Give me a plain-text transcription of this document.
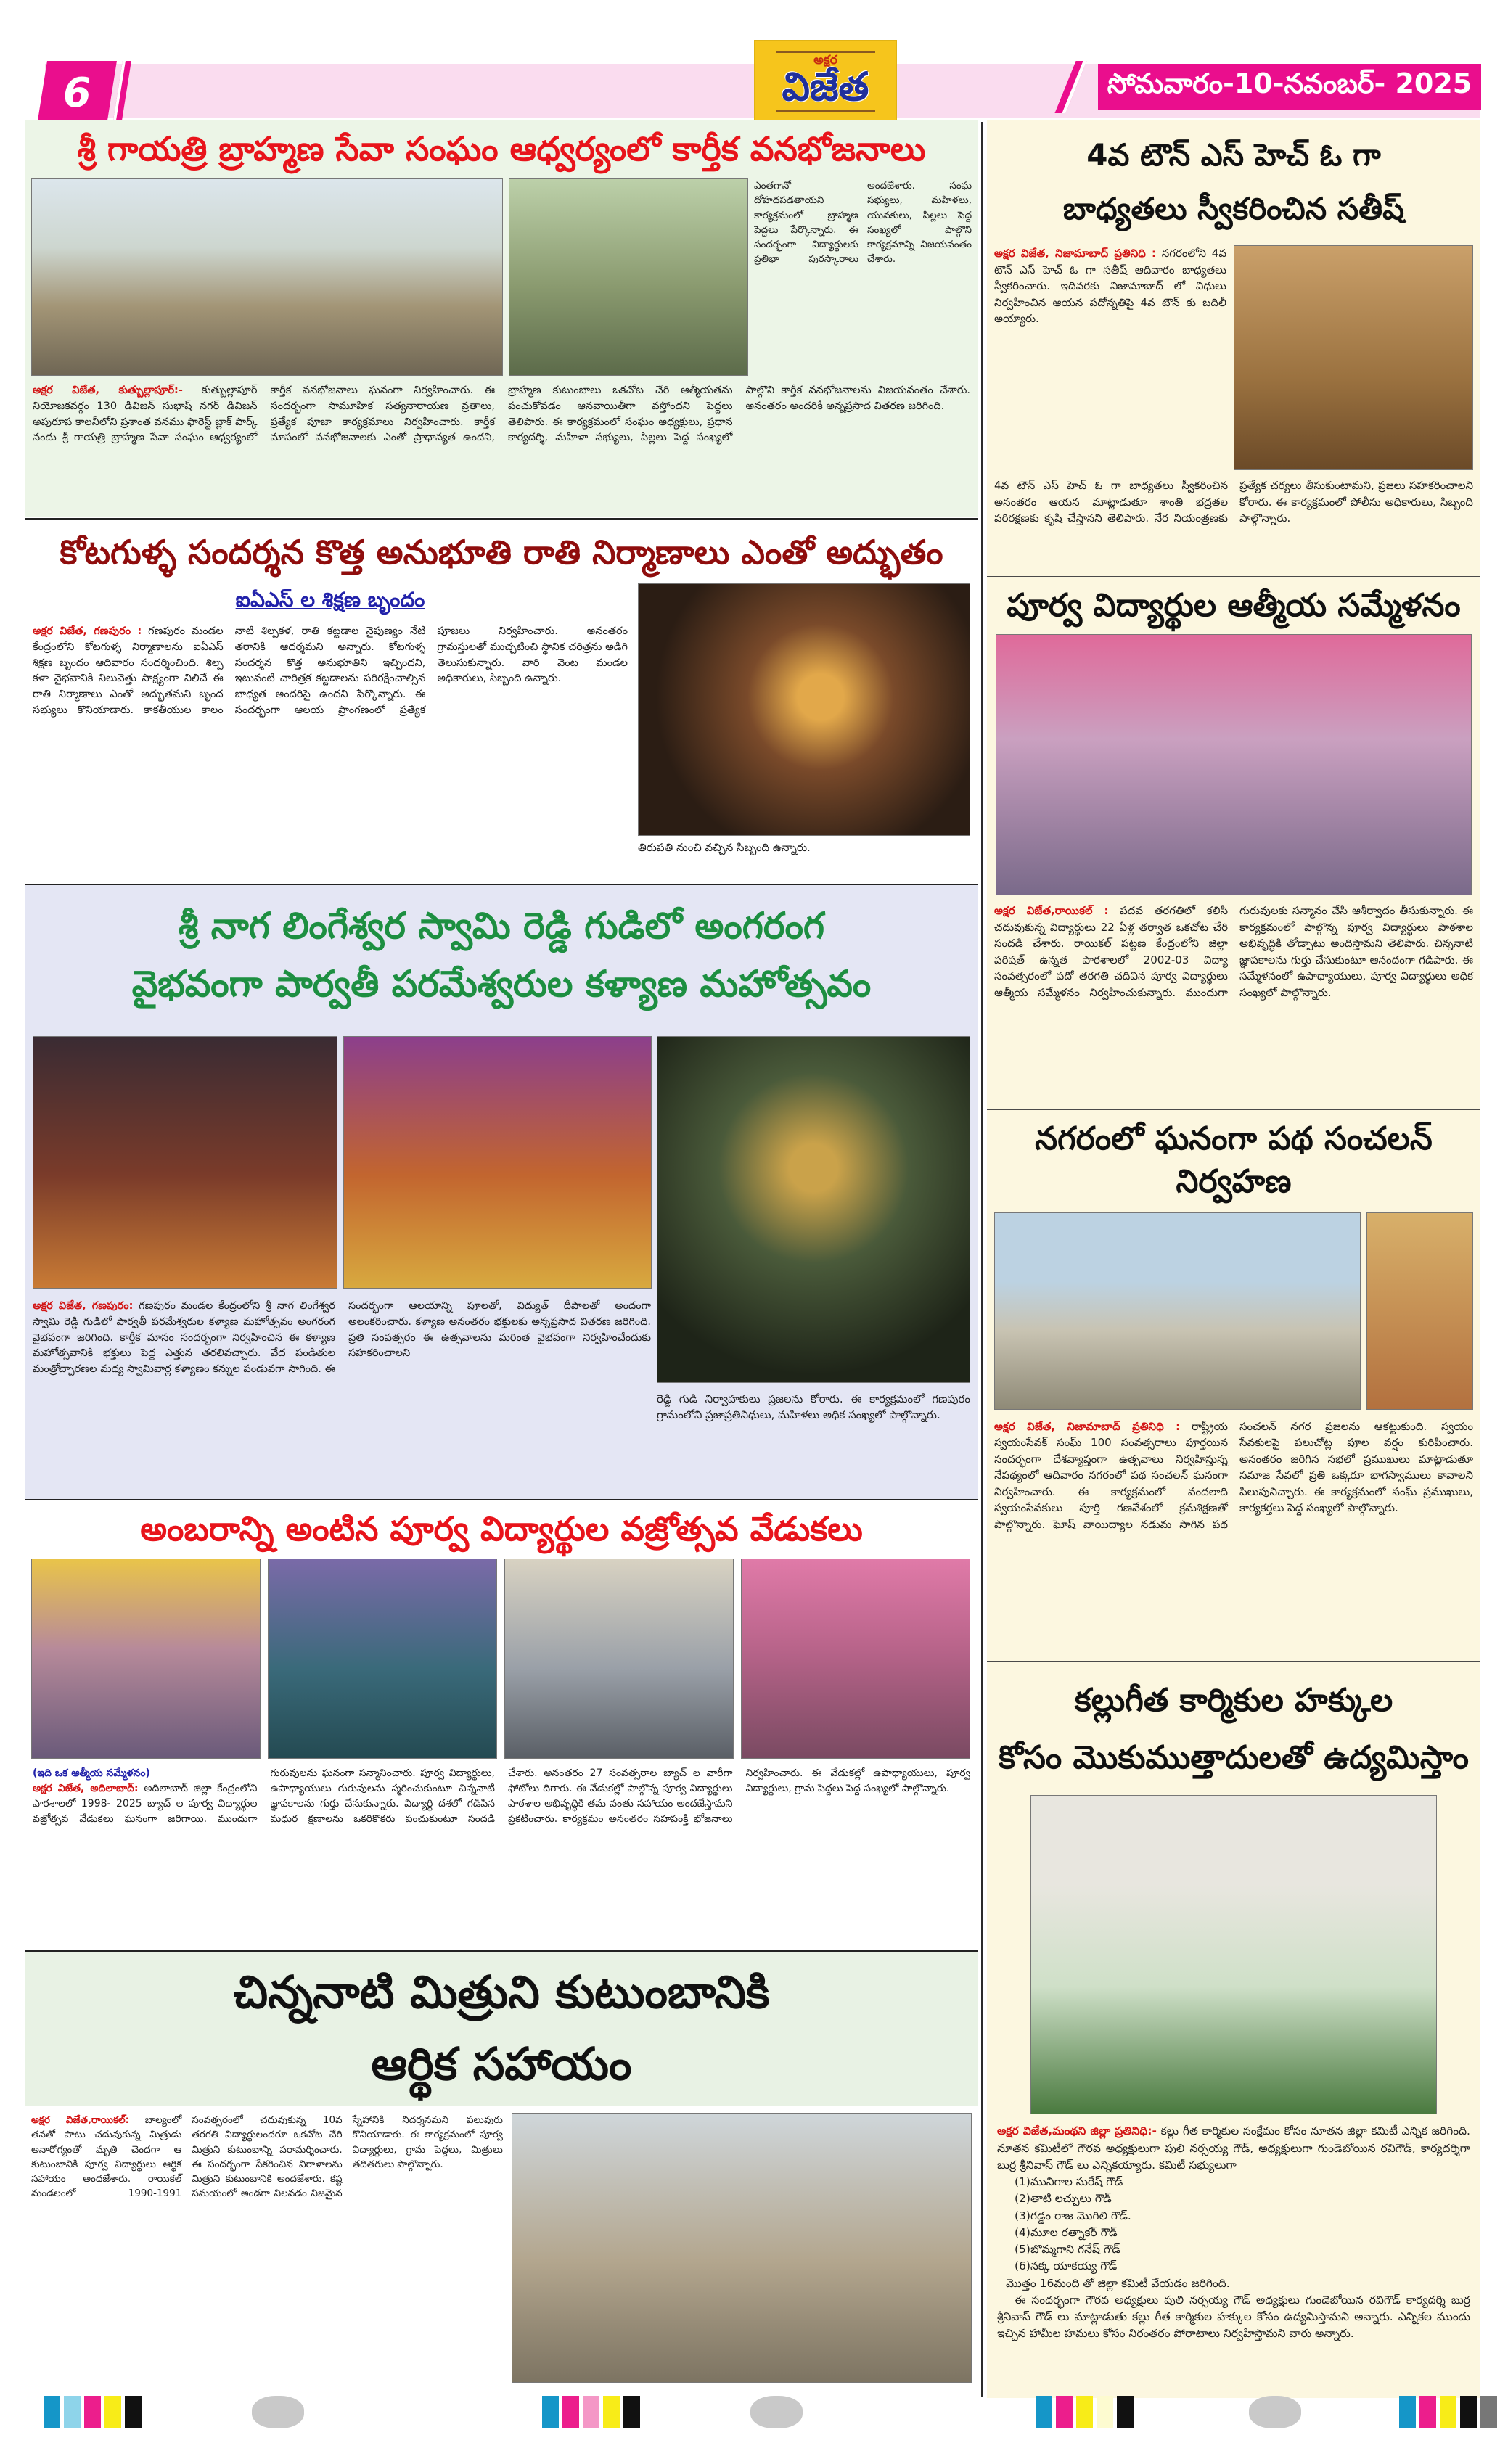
6
అక్షర
విజేత	సోమవారం-10-నవంబర్- 2025
శ్రీ గాయత్రి బ్రాహ్మణ సేవా సంఘం ఆధ్వర్యంలో కార్తీక వనభోజనాలు
ఎంతగానో దోహదపడతాయని కార్యక్రమంలో బ్రాహ్మణ పెద్దలు పేర్కొన్నారు. ఈ సందర్భంగా విద్యార్థులకు ప్రతిభా పురస్కారాలు అందజేశారు. సంఘ సభ్యులు, మహిళలు, యువకులు, పిల్లలు పెద్ద సంఖ్యలో పాల్గొని కార్యక్రమాన్ని విజయవంతం చేశారు.
అక్షర విజేత, కుత్బుల్లాపూర్:- కుత్బుల్లాపూర్ నియోజకవర్గం 130 డివిజన్ సుభాష్ నగర్ డివిజన్ అపురూప కాలనీలోని ప్రశాంత వనము ఫారెస్ట్ బ్లాక్ పార్క్ నందు శ్రీ గాయత్రి బ్రాహ్మణ సేవా సంఘం ఆధ్వర్యంలో కార్తీక వనభోజనాలు ఘనంగా నిర్వహించారు. ఈ సందర్భంగా సామూహిక సత్యనారాయణ వ్రతాలు, ప్రత్యేక పూజా కార్యక్రమాలు నిర్వహించారు. కార్తీక మాసంలో వనభోజనాలకు ఎంతో ప్రాధాన్యత ఉందని, బ్రాహ్మణ కుటుంబాలు ఒకచోట చేరి ఆత్మీయతను పంచుకోవడం ఆనవాయితీగా వస్తోందని పెద్దలు తెలిపారు. ఈ కార్యక్రమంలో సంఘం అధ్యక్షులు, ప్రధాన కార్యదర్శి, మహిళా సభ్యులు, పిల్లలు పెద్ద సంఖ్యలో పాల్గొని కార్తీక వనభోజనాలను విజయవంతం చేశారు. అనంతరం అందరికీ అన్నప్రసాద వితరణ జరిగింది.
కోటగుళ్ళ సందర్శన కొత్త అనుభూతి రాతి నిర్మాణాలు ఎంతో అద్భుతం
ఐఏఎస్ ల శిక్షణ బృందం
అక్షర విజేత, గణపురం : గణపురం మండల కేంద్రంలోని కోటగుళ్ళ నిర్మాణాలను ఐఏఎస్ శిక్షణ బృందం ఆదివారం సందర్శించింది. శిల్ప కళా వైభవానికి నిలువెత్తు సాక్ష్యంగా నిలిచే ఈ రాతి నిర్మాణాలు ఎంతో అద్భుతమని బృంద సభ్యులు కొనియాడారు. కాకతీయుల కాలం నాటి శిల్పకళ, రాతి కట్టడాల నైపుణ్యం నేటి తరానికి ఆదర్శమని అన్నారు. కోటగుళ్ళ సందర్శన కొత్త అనుభూతిని ఇచ్చిందని, ఇటువంటి చారిత్రక కట్టడాలను పరిరక్షించాల్సిన బాధ్యత అందరిపై ఉందని పేర్కొన్నారు. ఈ సందర్భంగా ఆలయ ప్రాంగణంలో ప్రత్యేక పూజలు నిర్వహించారు. అనంతరం గ్రామస్తులతో ముచ్చటించి స్థానిక చరిత్రను అడిగి తెలుసుకున్నారు. వారి వెంట మండల అధికారులు, సిబ్బంది ఉన్నారు.
తిరుపతి నుంచి వచ్చిన సిబ్బంది ఉన్నారు.
శ్రీ నాగ లింగేశ్వర స్వామి రెడ్డి గుడిలో అంగరంగ
వైభవంగా పార్వతీ పరమేశ్వరుల కళ్యాణ మహోత్సవం
అక్షర విజేత, గణపురం: గణపురం మండల కేంద్రంలోని శ్రీ నాగ లింగేశ్వర స్వామి రెడ్డి గుడిలో పార్వతీ పరమేశ్వరుల కళ్యాణ మహోత్సవం అంగరంగ వైభవంగా జరిగింది. కార్తీక మాసం సందర్భంగా నిర్వహించిన ఈ కళ్యాణ మహోత్సవానికి భక్తులు పెద్ద ఎత్తున తరలివచ్చారు. వేద పండితుల మంత్రోచ్చారణల మధ్య స్వామివార్ల కళ్యాణం కన్నుల పండువగా సాగింది. ఈ సందర్భంగా ఆలయాన్ని పూలతో, విద్యుత్ దీపాలతో అందంగా అలంకరించారు. కళ్యాణ అనంతరం భక్తులకు అన్నప్రసాద వితరణ జరిగింది. ప్రతి సంవత్సరం ఈ ఉత్సవాలను మరింత వైభవంగా నిర్వహించేందుకు సహకరించాలని
రెడ్డి గుడి నిర్వాహకులు ప్రజలను కోరారు. ఈ కార్యక్రమంలో గణపురం గ్రామంలోని ప్రజాప్రతినిధులు, మహిళలు అధిక సంఖ్యలో పాల్గొన్నారు.
అంబరాన్ని అంటిన పూర్వ విద్యార్థుల వజ్రోత్సవ వేడుకలు
(ఇది ఒక ఆత్మీయ సమ్మేళనం)
అక్షర విజేత, అదిలాబాద్: అదిలాబాద్ జిల్లా కేంద్రంలోని పాఠశాలలో 1998- 2025 బ్యాచ్ ల పూర్వ విద్యార్థుల వజ్రోత్సవ వేడుకలు ఘనంగా జరిగాయి. ముందుగా గురువులను ఘనంగా సన్మానించారు. పూర్వ విద్యార్థులు, ఉపాధ్యాయులు గురువులను స్మరించుకుంటూ చిన్ననాటి జ్ఞాపకాలను గుర్తు చేసుకున్నారు. విద్యార్థి దశలో గడిపిన మధుర క్షణాలను ఒకరికొకరు పంచుకుంటూ సందడి చేశారు. అనంతరం 27 సంవత్సరాల బ్యాచ్ ల వారీగా ఫోటోలు దిగారు. ఈ వేడుకల్లో పాల్గొన్న పూర్వ విద్యార్థులు పాఠశాల అభివృద్ధికి తమ వంతు సహాయం అందజేస్తామని ప్రకటించారు. కార్యక్రమం అనంతరం సహపంక్తి భోజనాలు నిర్వహించారు. ఈ వేడుకల్లో ఉపాధ్యాయులు, పూర్వ విద్యార్థులు, గ్రామ పెద్దలు పెద్ద సంఖ్యలో పాల్గొన్నారు.
చిన్ననాటి మిత్రుని కుటుంబానికి
ఆర్థిక సహాయం
అక్షర విజేత,రాయికల్: బాల్యంలో తనతో పాటు చదువుకున్న మిత్రుడు అనారోగ్యంతో మృతి చెందగా ఆ కుటుంబానికి పూర్వ విద్యార్థులు ఆర్థిక సహాయం అందజేశారు. రాయికల్ మండలంలో 1990-1991 సంవత్సరంలో చదువుకున్న 10వ తరగతి విద్యార్థులందరూ ఒకచోట చేరి మిత్రుని కుటుంబాన్ని పరామర్శించారు. ఈ సందర్భంగా సేకరించిన విరాళాలను మిత్రుని కుటుంబానికి అందజేశారు. కష్ట సమయంలో అండగా నిలవడం నిజమైన స్నేహానికి నిదర్శనమని పలువురు కొనియాడారు. ఈ కార్యక్రమంలో పూర్వ విద్యార్థులు, గ్రామ పెద్దలు, మిత్రులు తదితరులు పాల్గొన్నారు.
4వ టౌన్ ఎస్ హెచ్ ఓ గా
బాధ్యతలు స్వీకరించిన సతీష్
అక్షర విజేత, నిజామాబాద్ ప్రతినిధి : నగరంలోని 4వ టౌన్ ఎస్ హెచ్ ఓ గా సతీష్ ఆదివారం బాధ్యతలు స్వీకరించారు. ఇదివరకు నిజామాబాద్ లో విధులు నిర్వహించిన ఆయన పదోన్నతిపై 4వ టౌన్ కు బదిలీ అయ్యారు.
4వ టౌన్ ఎస్ హెచ్ ఓ గా బాధ్యతలు స్వీకరించిన అనంతరం ఆయన మాట్లాడుతూ శాంతి భద్రతల పరిరక్షణకు కృషి చేస్తానని తెలిపారు. నేర నియంత్రణకు ప్రత్యేక చర్యలు తీసుకుంటామని, ప్రజలు సహకరించాలని కోరారు. ఈ కార్యక్రమంలో పోలీసు అధికారులు, సిబ్బంది పాల్గొన్నారు.
పూర్వ విద్యార్థుల ఆత్మీయ సమ్మేళనం
అక్షర విజేత,రాయికల్ : పదవ తరగతిలో కలిసి చదువుకున్న విద్యార్థులు 22 ఏళ్ల తర్వాత ఒకచోట చేరి సందడి చేశారు. రాయికల్ పట్టణ కేంద్రంలోని జిల్లా పరిషత్ ఉన్నత పాఠశాలలో 2002-03 విద్యా సంవత్సరంలో పదో తరగతి చదివిన పూర్వ విద్యార్థులు ఆత్మీయ సమ్మేళనం నిర్వహించుకున్నారు. ముందుగా గురువులకు సన్మానం చేసి ఆశీర్వాదం తీసుకున్నారు. ఈ కార్యక్రమంలో పాల్గొన్న పూర్వ విద్యార్థులు పాఠశాల అభివృద్ధికి తోడ్పాటు అందిస్తామని తెలిపారు. చిన్ననాటి జ్ఞాపకాలను గుర్తు చేసుకుంటూ ఆనందంగా గడిపారు. ఈ సమ్మేళనంలో ఉపాధ్యాయులు, పూర్వ విద్యార్థులు అధిక సంఖ్యలో పాల్గొన్నారు.
నగరంలో ఘనంగా పథ సంచలన్ నిర్వహణ
అక్షర విజేత, నిజామాబాద్ ప్రతినిధి : రాష్ట్రీయ స్వయంసేవక్ సంఘ్ 100 సంవత్సరాలు పూర్తయిన సందర్భంగా దేశవ్యాప్తంగా ఉత్సవాలు నిర్వహిస్తున్న నేపథ్యంలో ఆదివారం నగరంలో పథ సంచలన్ ఘనంగా నిర్వహించారు. ఈ కార్యక్రమంలో వందలాది స్వయంసేవకులు పూర్తి గణవేశంలో క్రమశిక్షణతో పాల్గొన్నారు. ఘోష్ వాయిద్యాల నడుమ సాగిన పథ సంచలన్ నగర ప్రజలను ఆకట్టుకుంది. స్వయం సేవకులపై పలుచోట్ల పూల వర్షం కురిపించారు. అనంతరం జరిగిన సభలో ప్రముఖులు మాట్లాడుతూ సమాజ సేవలో ప్రతి ఒక్కరూ భాగస్వాములు కావాలని పిలుపునిచ్చారు. ఈ కార్యక్రమంలో సంఘ్ ప్రముఖులు, కార్యకర్తలు పెద్ద సంఖ్యలో పాల్గొన్నారు.
కల్లుగీత కార్మికుల హక్కుల
కోసం మొకుముత్తాదులతో ఉద్యమిస్తాం
అక్షర విజేత,మంథని జిల్లా ప్రతినిధి:- కల్లు గీత కార్మికుల సంక్షేమం కోసం నూతన జిల్లా కమిటీ ఎన్నిక జరిగింది. నూతన కమిటీలో గౌరవ అధ్యక్షులుగా పులి నర్సయ్య గౌడ్, అధ్యక్షులుగా గుండెబోయిన రవిగౌడ్, కార్యదర్శిగా బుర్ర శ్రీనివాస్ గౌడ్ లు ఎన్నికయ్యారు. కమిటీ సభ్యులుగా
(1)మునిగాల సురేష్ గౌడ్
(2)తాటి లచ్చులు గౌడ్
(3)గడ్డం రాజ మొగిలి గౌడ్.
(4)మూల రత్నాకర్ గౌడ్
(5)బొమ్మగాని గనేష్ గౌడ్
(6)నక్క యాకయ్య గౌడ్
మొత్తం 16మంది తో జిల్లా కమిటీ వేయడం జరిగింది.
ఈ సందర్భంగా గౌరవ అధ్యక్షులు పులి నర్సయ్య గౌడ్ అధ్యక్షులు గుండెబోయిన రవిగౌడ్ కార్యదర్శి బుర్ర శ్రీనివాస్ గౌడ్ లు మాట్లాడుతు కల్లు గీత కార్మికుల హక్కుల కోసం ఉద్యమిస్తామని అన్నారు. ఎన్నికల ముందు ఇచ్చిన హామీల హమలు కోసం నిరంతరం పోరాటాలు నిర్వహిస్తామని వారు అన్నారు.
